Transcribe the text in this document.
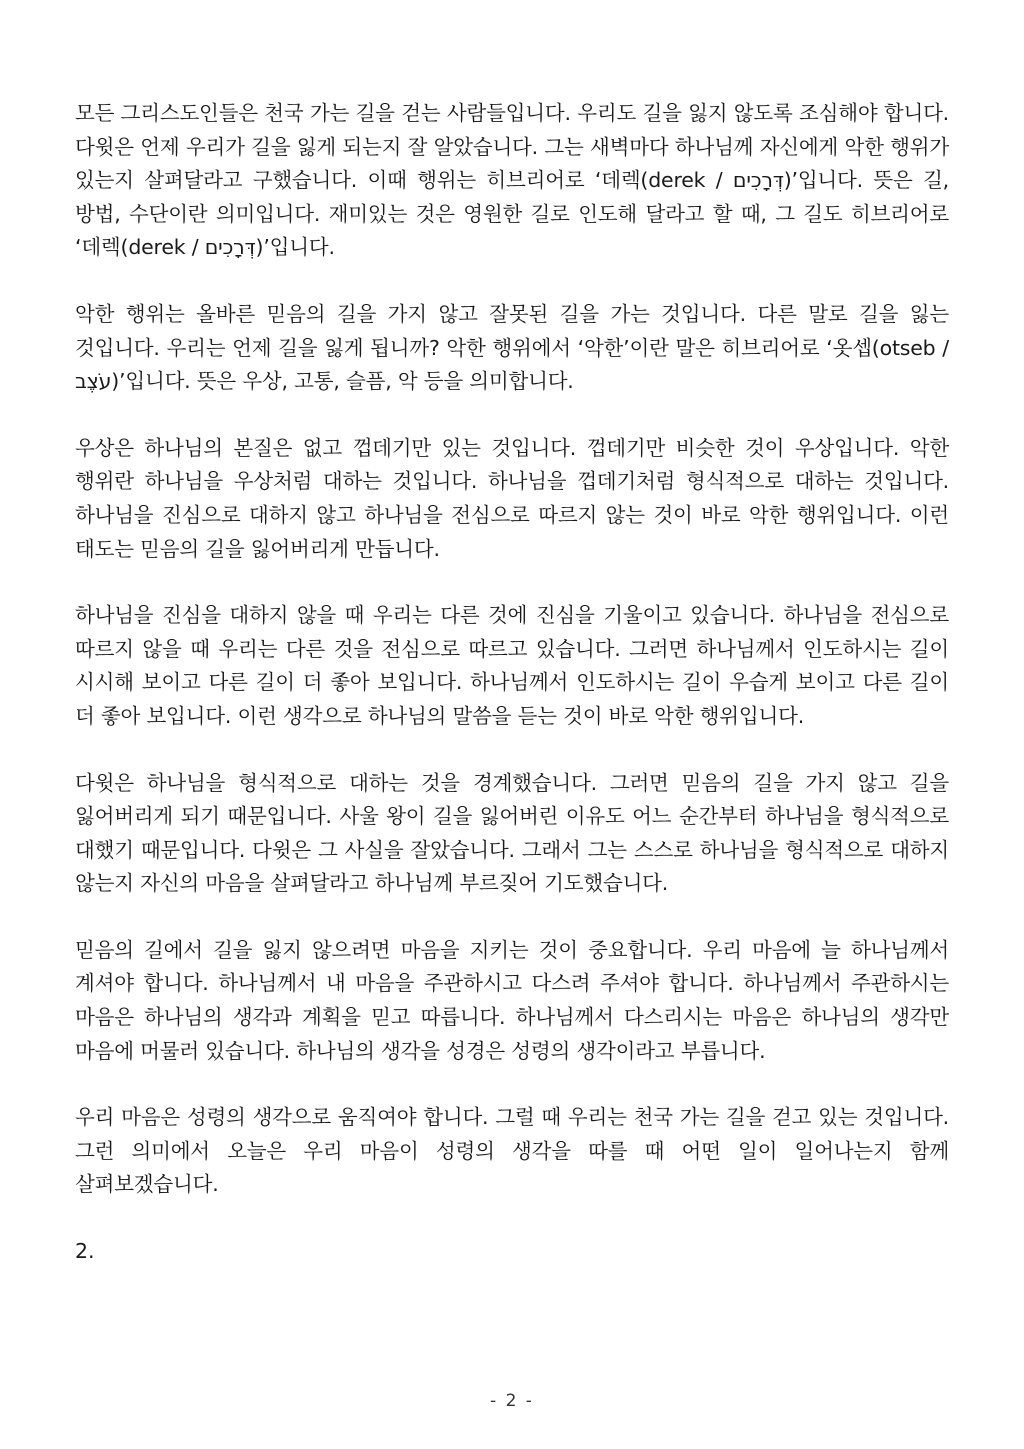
모든 그리스도인들은 천국 가는 길을 걷는 사람들입니다. 우리도 길을 잃지 않도록 조심해야 합니다. 다윗은 언제 우리가 길을 잃게 되는지 잘 알았습니다. 그는 새벽마다 하나님께 자신에게 악한 행위가 있는지 살펴달라고 구했습니다. 이때 행위는 히브리어로 ‘데렉(derek / דְּרָכִים)’입니다. 뜻은 길, 방법, 수단이란 의미입니다. 재미있는 것은 영원한 길로 인도해 달라고 할 때, 그 길도 히브리어로 ‘데렉(derek / דְּרָכִים)’입니다.

악한 행위는 올바른 믿음의 길을 가지 않고 잘못된 길을 가는 것입니다. 다른 말로 길을 잃는 것입니다. 우리는 언제 길을 잃게 됩니까? 악한 행위에서 ‘악한’이란 말은 히브리어로 ‘옷셉(otseb / עֹצֶב)’입니다. 뜻은 우상, 고통, 슬픔, 악 등을 의미합니다.

우상은 하나님의 본질은 없고 껍데기만 있는 것입니다. 껍데기만 비슷한 것이 우상입니다. 악한 행위란 하나님을 우상처럼 대하는 것입니다. 하나님을 껍데기처럼 형식적으로 대하는 것입니다. 하나님을 진심으로 대하지 않고 하나님을 전심으로 따르지 않는 것이 바로 악한 행위입니다. 이런 태도는 믿음의 길을 잃어버리게 만듭니다.

하나님을 진심을 대하지 않을 때 우리는 다른 것에 진심을 기울이고 있습니다. 하나님을 전심으로 따르지 않을 때 우리는 다른 것을 전심으로 따르고 있습니다. 그러면 하나님께서 인도하시는 길이 시시해 보이고 다른 길이 더 좋아 보입니다. 하나님께서 인도하시는 길이 우습게 보이고 다른 길이 더 좋아 보입니다. 이런 생각으로 하나님의 말씀을 듣는 것이 바로 악한 행위입니다.

다윗은 하나님을 형식적으로 대하는 것을 경계했습니다. 그러면 믿음의 길을 가지 않고 길을 잃어버리게 되기 때문입니다. 사울 왕이 길을 잃어버린 이유도 어느 순간부터 하나님을 형식적으로 대했기 때문입니다. 다윗은 그 사실을 잘았습니다. 그래서 그는 스스로 하나님을 형식적으로 대하지 않는지 자신의 마음을 살펴달라고 하나님께 부르짖어 기도했습니다.

믿음의 길에서 길을 잃지 않으려면 마음을 지키는 것이 중요합니다. 우리 마음에 늘 하나님께서 계셔야 합니다. 하나님께서 내 마음을 주관하시고 다스려 주셔야 합니다. 하나님께서 주관하시는 마음은 하나님의 생각과 계획을 믿고 따릅니다. 하나님께서 다스리시는 마음은 하나님의 생각만 마음에 머물러 있습니다. 하나님의 생각을 성경은 성령의 생각이라고 부릅니다.

우리 마음은 성령의 생각으로 움직여야 합니다. 그럴 때 우리는 천국 가는 길을 걷고 있는 것입니다. 그런 의미에서 오늘은 우리 마음이 성령의 생각을 따를 때 어떤 일이 일어나는지 함께 살펴보겠습니다.

2.

- 2 -
